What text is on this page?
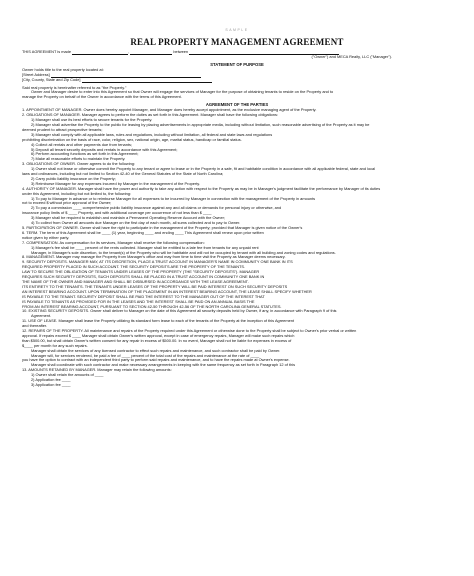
SAMPLE
REAL PROPERTY MANAGEMENT AGREEMENT
THIS AGREEMENT is made	,	between
("Owner") and MECA Realty, LLC ("Manager").
STATEMENT OF PURPOSE
Owner holds title to the real property located at:
[Street Address]
[City, County, State and Zip Code]
Said real property is hereinafter referred to as "the Property."
Owner and Manager desire to enter into this Agreement so that Owner will engage the services of Manager for the purpose of obtaining tenants to reside on the Property and to
manage the Property on behalf of the Owner in accordance with the terms of this Agreement.
AGREEMENT OF THE PARTIES
1. APPOINTMENT OF MANAGER. Owner does hereby appoint Manager, and Manager does hereby accept appointment, as the exclusive managing agent of the Property.
2. OBLIGATIONS OF MANAGER. Manager agrees to perform the duties as set forth in this Agreement. Manager shall have the following obligations:
1) Manager shall use its best efforts to secure tenants for the Property.
2) Manager shall advertise the Property to the public for leasing by placing advertisements in appropriate media, including without limitation, such reasonable advertising of the Property as it may be
deemed prudent to attract prospective tenants;
3) Manager shall comply with all applicable laws, rules and regulations, including without limitation, all federal and state laws and regulations
prohibiting discrimination on the basis of race, color, religion, sex, national origin, age, marital status, handicap or familial status.
4) Collect all rentals and other payments due from tenants;
5) Deposit all tenant security deposits and rentals in accordance with this Agreement;
6) Perform accounting functions as set forth in this Agreement;
7) Make all reasonable efforts to maintain the Property.
3. OBLIGATIONS OF OWNER. Owner agrees to do the following:
1) Owner shall not lease or otherwise commit the Property to any tenant or agree to lease or in the Property in a safe, fit and habitable condition in accordance with all applicable federal, state and local
laws and ordinances, including but not limited to Section 42-40 of the General Statutes of the State of North Carolina;
2) Carry public liability insurance on the Property;
3) Reimburse Manager for any expenses incurred by Manager in the management of the Property.
4. AUTHORITY OF MANAGER. Manager shall have the power and authority to take any action with respect to the Property as may be in Manager's judgment facilitate the performance by Manager of its duties
under this Agreement, including but not limited to, the following:
1) To pay to Manager in advance or to reimburse Manager for all expenses to be incurred by Manager in connection with the management of the Property in amounts
not to exceed $ without prior approval of the Owner;
2) To pay a commission ____ comprehensive public liability insurance against any and all claims or demands for personal injury or otherwise, and
insurance policy limits of $ ____ Property, and with additional coverage per occurrence of not less than $ ____
3) Manager shall be required to establish and maintain a Permanent Operating Reserve Account with the Owner;
4) To collect from Owner all amounts due Manager on the first day of each month, all sums collected and to pay to Owner.
5. PARTICIPATION OF OWNER. Owner shall have the right to participate in the management of the Property; provided that Manager is given notice of the Owner's
6. TERM. The term of this Agreement shall be ____ (1) year, beginning ____ and ending ____ This Agreement shall renew upon prior written
notice given by either party.
7. COMPENSATION. As compensation for its services, Manager shall receive the following compensation:
1) Manager's fee shall be ____ percent of the rents collected. Manager shall be entitled to a late fee from tenants for any unpaid rent
Manager, in Manager's sole discretion, to the tenant(s) of the Property who will be habitable and will not be occupied by tenant with all building and zoning codes and regulations.
8. MANAGEMENT. Manager may manage the Property from Manager's office and may from time to time visit the Property as Manager deems necessary.
9. SECURITY DEPOSITS. MANAGER MAY, AT ITS DISCRETION, PLACE A TRUST ACCOUNT IN MANAGER'S NAME IN COMMUNITY ONE BANK IN ITS
REQUIRED PROPERTY PLACED IN SUCH ACCOUNT. THE SECURITY DEPOSITS ARE THE PROPERTY OF THE TENANTS.
LAW TO SECURE THE OBLIGATION OF TENANTS UNDER LEASES OF THE PROPERTY (THE "SECURITY DEPOSITS"). MANAGER
REQUIRES SUCH SECURITY DEPOSITS, SUCH DEPOSITS SHALL BE PLACED IN A TRUST ACCOUNT IN COMMUNITY ONE BANK IN
THE NAME OF THE OWNER AND MANAGER AND SHALL BE DISBURSED IN ACCORDANCE WITH THE LEASE AGREEMENT.
ITS ENTIRETY TO THE TENANTS. THE TENANTS UNDER LEASES OF THE PROPERTY WILL BE PAID INTEREST ON SUCH SECURITY DEPOSITS
AN INTEREST BEARING ACCOUNT. UPON TERMINATION OF THE PLACEMENT IN AN INTEREST BEARING ACCOUNT, THE LEASE SHALL SPECIFY WHETHER
IS PAYABLE TO THE TENANT. SECURITY DEPOSIT SHALL BE PAID THE INTEREST TO THE MANAGER OUT OF THE INTEREST THAT
IS PAYABLE TO TENANTS AS PROVIDED FOR IN THE LEASES AND THE INTEREST SHALL BE PAID ON AN ANNUAL BASIS THE
FROM AN INTEREST BEARING ACCOUNT, PURSUANT TO SECTION 42-50 THROUGH 42-56 OF THE NORTH CAROLINA GENERAL STATUTES.
10. EXISTING SECURITY DEPOSITS. Owner shall deliver to Manager on the date of this Agreement all security deposits held by Owner, if any, in accordance with Paragraph 9 of this
Agreement.
11. USE OF LEASE. Manager shall lease the Property utilizing its standard form lease to each of the tenants of the Property at the inception of this Agreement
and thereafter.
12. REPAIRS OF THE PROPERTY. All maintenance and repairs of the Property required under this Agreement or otherwise done to the Property shall be subject to Owner's prior verbal or written
approval. If repairs exceed $ ____ Manager shall obtain Owner's written approval, except in case of emergency repairs, Manager will make such repairs which
than $500.00, but shall obtain Owner's written consent for any repair in excess of $500.00. In no event, Manager shall not be liable for expenses in excess of
$____ per month for any such repairs.
Manager shall obtain the services of any licensed contractor to effect such repairs and maintenance, and such contractor shall be paid by Owner.
Manager will, for services rendered, be paid a fee of ____ percent of the total cost of the repairs and maintenance at the rate of ____
you have the option to contract with an independent third party to perform said repairs and maintenance, and to have the repairs made at Owner's expense.
Manager shall coordinate with such contractor and make necessary arrangements in keeping with the same frequency as set forth in Paragraph 12 of this
13. AMOUNTS RETAINED BY MANAGER. Manager may retain the following amounts:
1) Owner shall retain the amounts of ____
2) Application fee ____
3) Application fee ____
